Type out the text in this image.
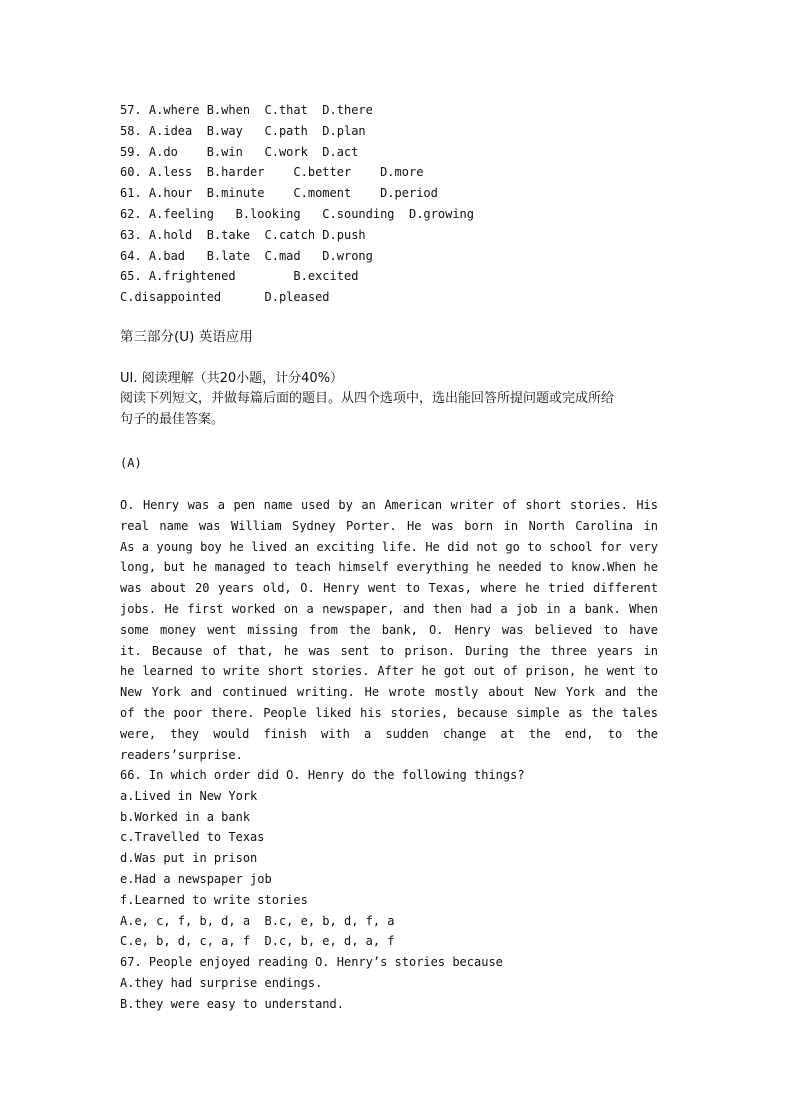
57. A.where B.when  C.that  D.there
58. A.idea  B.way   C.path  D.plan
59. A.do    B.win   C.work  D.act
60. A.less  B.harder    C.better    D.more
61. A.hour  B.minute    C.moment    D.period
62. A.feeling   B.looking   C.sounding  D.growing
63. A.hold  B.take  C.catch D.push
64. A.bad   B.late  C.mad   D.wrong
65. A.frightened        B.excited
C.disappointed      D.pleased
第三部分(U) 英语应用
UⅠ. 阅读理解（共20小题，计分40%）
阅读下列短文，并做每篇后面的题目。从四个选项中，选出能回答所提问题或完成所给
句子的最佳答案。
(A)
O. Henry was a pen name used by an American writer of short stories. His
real name was William Sydney Porter. He was born in North Carolina in
As a young boy he lived an exciting life. He did not go to school for very
long, but he managed to teach himself everything he needed to know.When he
was about 20 years old, O. Henry went to Texas, where he tried different
jobs. He first worked on a newspaper, and then had a job in a bank. When
some money went missing from the bank, O. Henry was believed to have
it. Because of that, he was sent to prison. During the three years in
he learned to write short stories. After he got out of prison, he went to
New York and continued writing. He wrote mostly about New York and the
of the poor there. People liked his stories, because simple as the tales
were, they would finish with a sudden change at the end, to the
readers’surprise.
66. In which order did O. Henry do the following things?
a.Lived in New York
b.Worked in a bank
c.Travelled to Texas
d.Was put in prison
e.Had a newspaper job
f.Learned to write stories
A.e, c, f, b, d, a  B.c, e, b, d, f, a
C.e, b, d, c, a, f  D.c, b, e, d, a, f
67. People enjoyed reading O. Henry’s stories because
A.they had surprise endings.
B.they were easy to understand.
